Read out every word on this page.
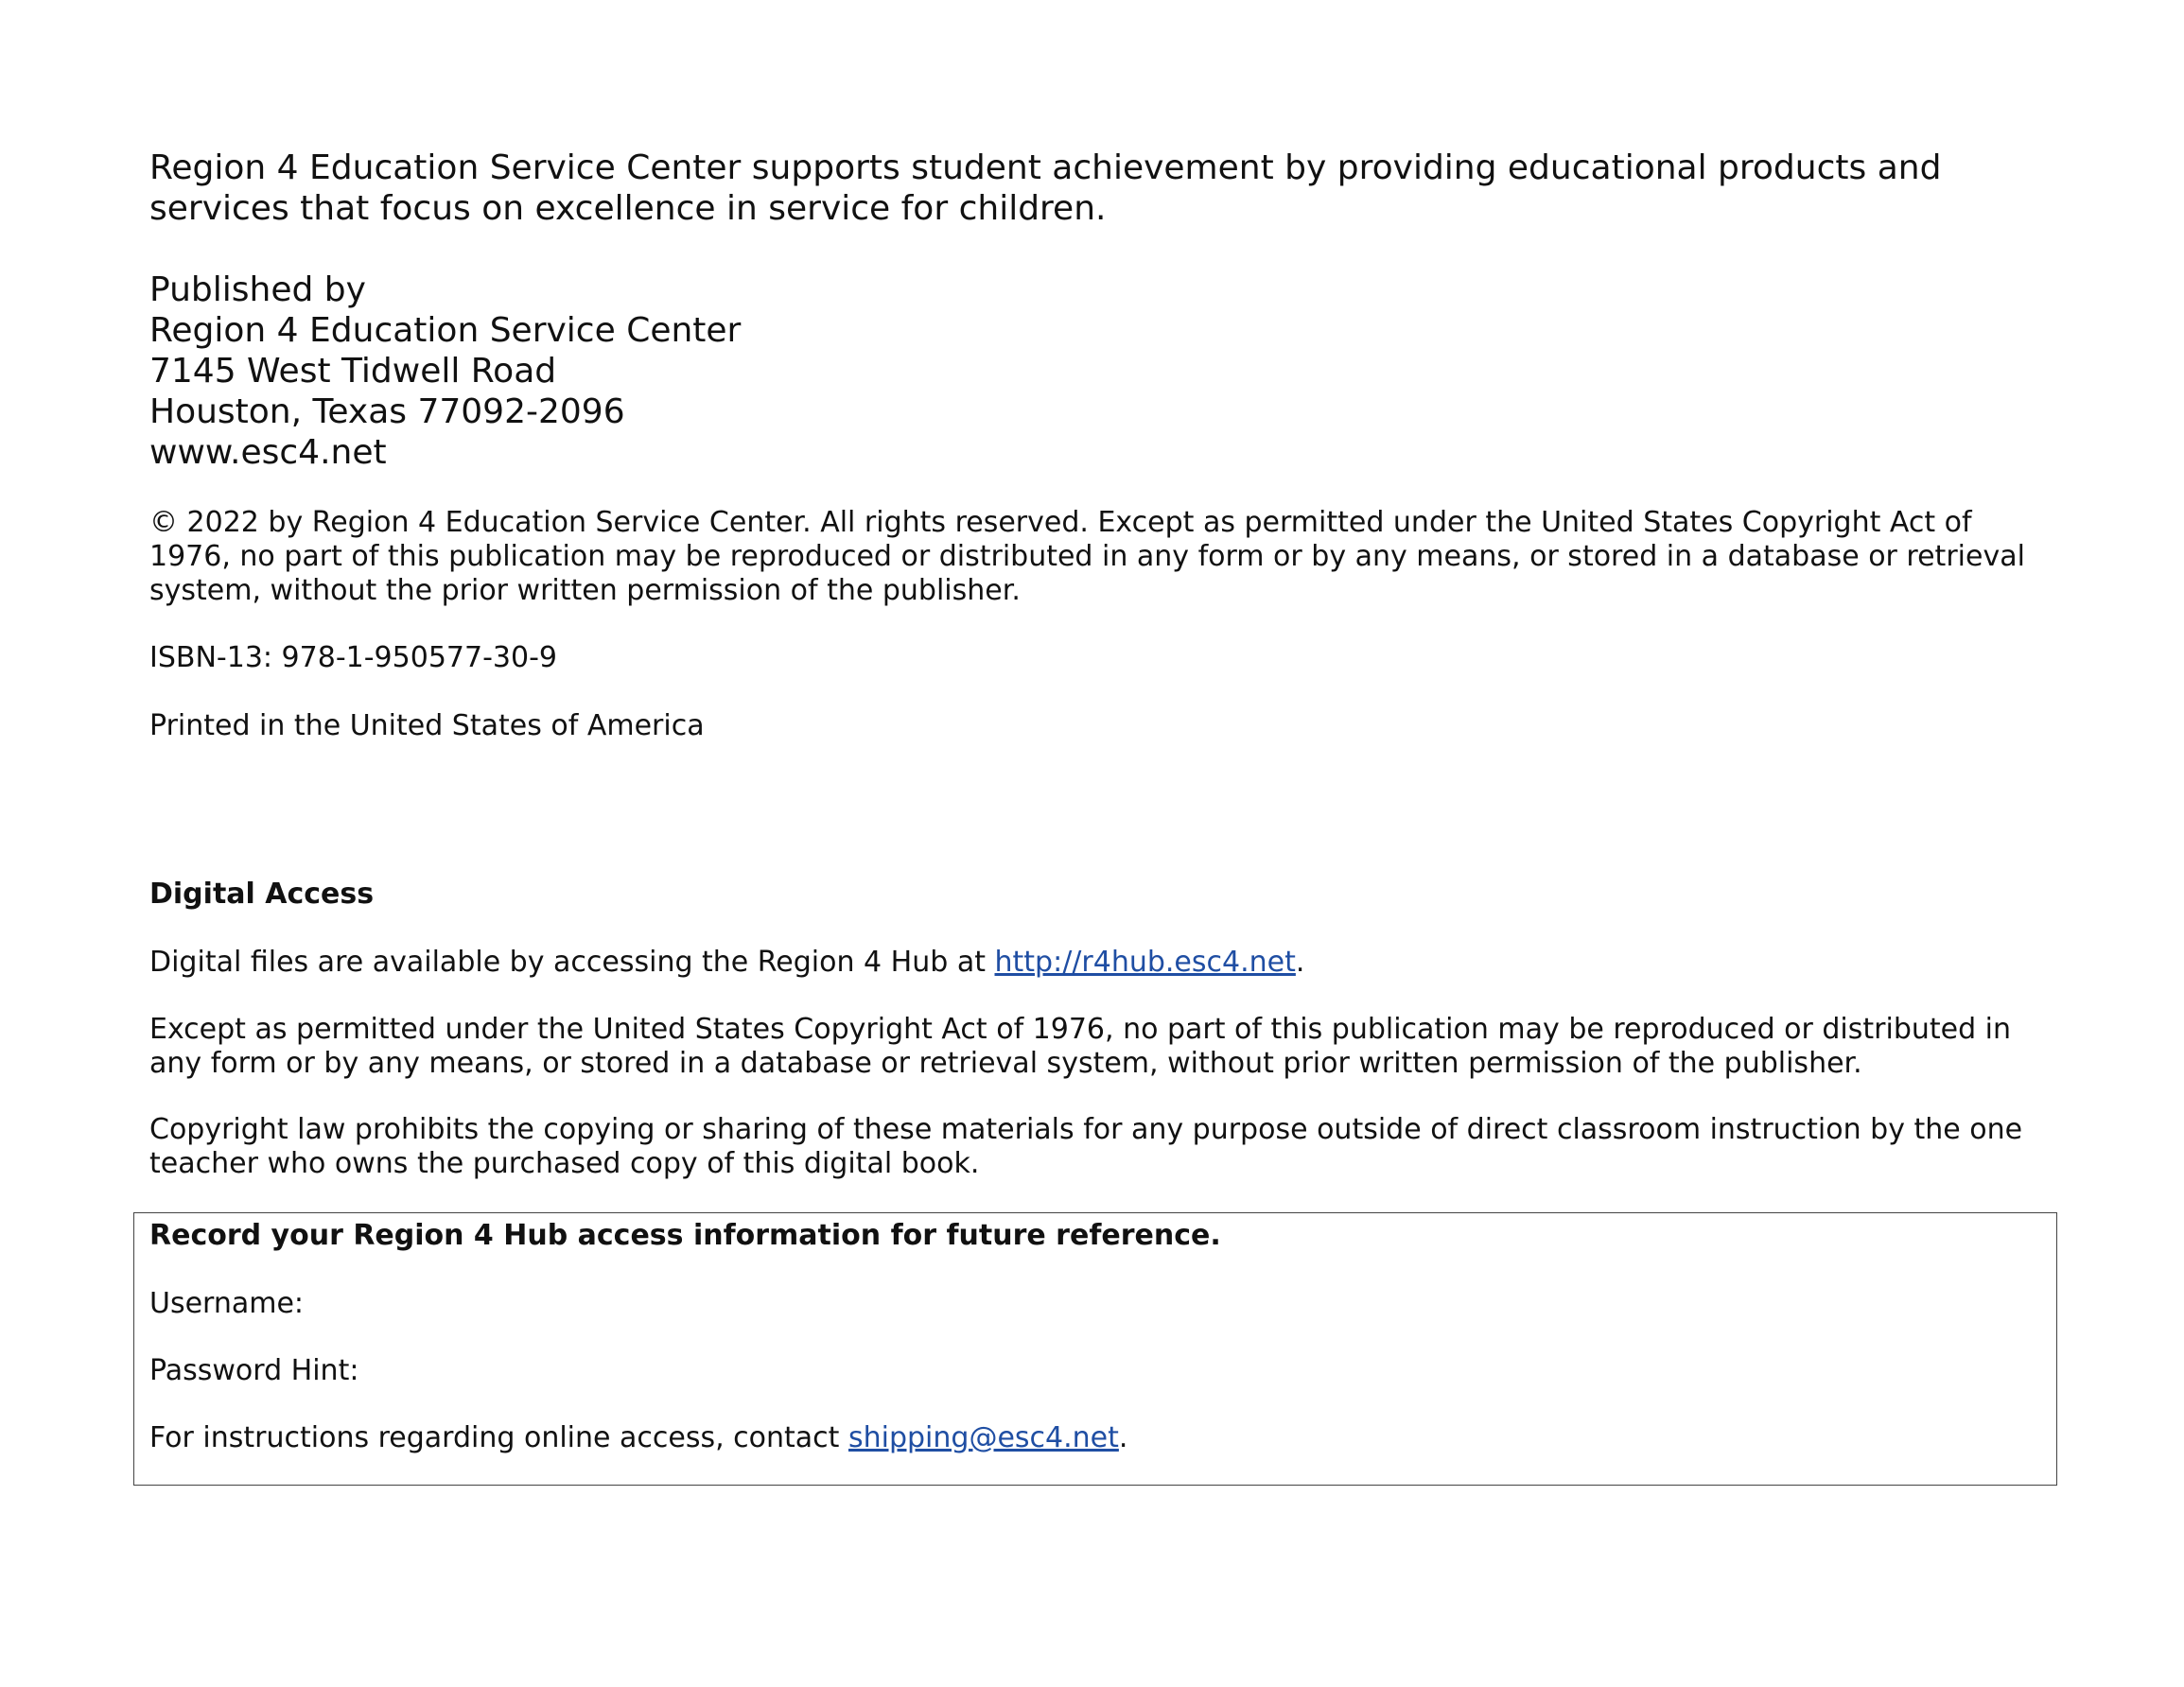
Region 4 Education Service Center supports student achievement by providing educational products and services that focus on excellence in service for children.

Published by
Region 4 Education Service Center
7145 West Tidwell Road
Houston, Texas 77092-2096
www.esc4.net

© 2022 by Region 4 Education Service Center. All rights reserved. Except as permitted under the United States Copyright Act of 1976, no part of this publication may be reproduced or distributed in any form or by any means, or stored in a database or retrieval system, without the prior written permission of the publisher.

ISBN-13: 978-1-950577-30-9

Printed in the United States of America

Digital Access

Digital files are available by accessing the Region 4 Hub at http://r4hub.esc4.net.

Except as permitted under the United States Copyright Act of 1976, no part of this publication may be reproduced or distributed in any form or by any means, or stored in a database or retrieval system, without prior written permission of the publisher.

Copyright law prohibits the copying or sharing of these materials for any purpose outside of direct classroom instruction by the one teacher who owns the purchased copy of this digital book.

Record your Region 4 Hub access information for future reference.

Username:

Password Hint:

For instructions regarding online access, contact shipping@esc4.net.
